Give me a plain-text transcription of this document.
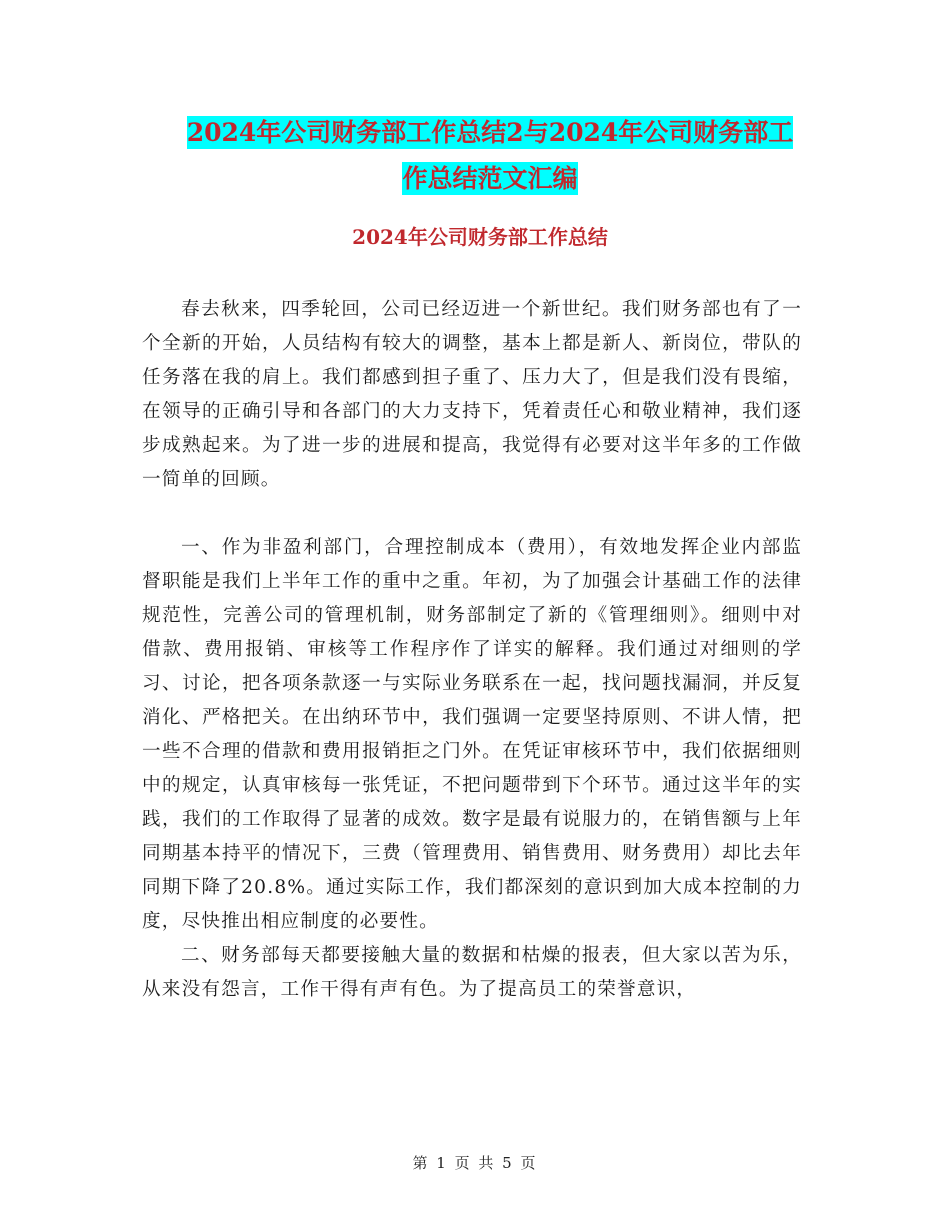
2024年公司财务部工作总结2与2024年公司财务部工
作总结范文汇编
2024年公司财务部工作总结

春去秋来，四季轮回，公司已经迈进一个新世纪。我们财务部也有了一个全新的开始，人员结构有较大的调整，基本上都是新人、新岗位，带队的任务落在我的肩上。我们都感到担子重了、压力大了，但是我们没有畏缩，在领导的正确引导和各部门的大力支持下，凭着责任心和敬业精神，我们逐步成熟起来。为了进一步的进展和提高，我觉得有必要对这半年多的工作做一简单的回顾。

一、作为非盈利部门，合理控制成本（费用），有效地发挥企业内部监督职能是我们上半年工作的重中之重。年初，为了加强会计基础工作的法律规范性，完善公司的管理机制，财务部制定了新的《管理细则》。细则中对借款、费用报销、审核等工作程序作了详实的解释。我们通过对细则的学习、讨论，把各项条款逐一与实际业务联系在一起，找问题找漏洞，并反复消化、严格把关。在出纳环节中，我们强调一定要坚持原则、不讲人情，把一些不合理的借款和费用报销拒之门外。在凭证审核环节中，我们依据细则中的规定，认真审核每一张凭证，不把问题带到下个环节。通过这半年的实践，我们的工作取得了显著的成效。数字是最有说服力的，在销售额与上年同期基本持平的情况下，三费（管理费用、销售费用、财务费用）却比去年同期下降了20.8%。通过实际工作，我们都深刻的意识到加大成本控制的力度，尽快推出相应制度的必要性。

二、财务部每天都要接触大量的数据和枯燥的报表，但大家以苦为乐，从来没有怨言，工作干得有声有色。为了提高员工的荣誉意识，

第 1 页 共 5 页
